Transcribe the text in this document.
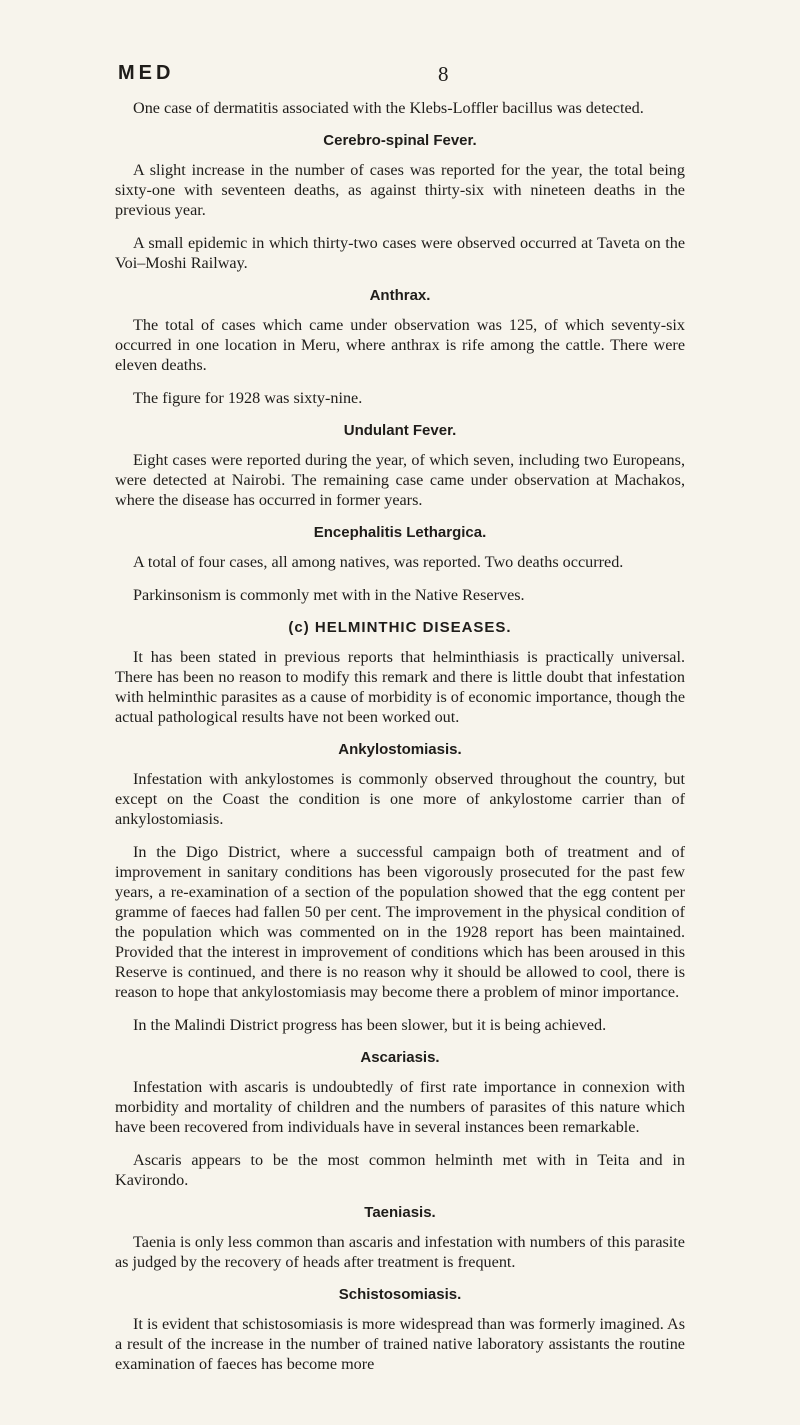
MED	8

One case of dermatitis associated with the Klebs-Loffler bacillus was detected.

Cerebro-spinal Fever.

A slight increase in the number of cases was reported for the year, the total being sixty-one with seventeen deaths, as against thirty-six with nineteen deaths in the previous year.

A small epidemic in which thirty-two cases were observed occurred at Taveta on the Voi–Moshi Railway.

Anthrax.

The total of cases which came under observation was 125, of which seventy-six occurred in one location in Meru, where anthrax is rife among the cattle. There were eleven deaths.

The figure for 1928 was sixty-nine.

Undulant Fever.

Eight cases were reported during the year, of which seven, including two Europeans, were detected at Nairobi. The remaining case came under observation at Machakos, where the disease has occurred in former years.

Encephalitis Lethargica.

A total of four cases, all among natives, was reported. Two deaths occurred.

Parkinsonism is commonly met with in the Native Reserves.

(c) HELMINTHIC DISEASES.

It has been stated in previous reports that helminthiasis is practically universal. There has been no reason to modify this remark and there is little doubt that infestation with helminthic parasites as a cause of morbidity is of economic importance, though the actual pathological results have not been worked out.

Ankylostomiasis.

Infestation with ankylostomes is commonly observed throughout the country, but except on the Coast the condition is one more of ankylostome carrier than of ankylostomiasis.

In the Digo District, where a successful campaign both of treatment and of improvement in sanitary conditions has been vigorously prosecuted for the past few years, a re-examination of a section of the population showed that the egg content per gramme of faeces had fallen 50 per cent. The improvement in the physical condition of the population which was commented on in the 1928 report has been maintained. Provided that the interest in improvement of conditions which has been aroused in this Reserve is continued, and there is no reason why it should be allowed to cool, there is reason to hope that ankylostomiasis may become there a problem of minor importance.

In the Malindi District progress has been slower, but it is being achieved.

Ascariasis.

Infestation with ascaris is undoubtedly of first rate importance in connexion with morbidity and mortality of children and the numbers of parasites of this nature which have been recovered from individuals have in several instances been remarkable.

Ascaris appears to be the most common helminth met with in Teita and in Kavirondo.

Taeniasis.

Taenia is only less common than ascaris and infestation with numbers of this parasite as judged by the recovery of heads after treatment is frequent.

Schistosomiasis.

It is evident that schistosomiasis is more widespread than was formerly imagined. As a result of the increase in the number of trained native laboratory assistants the routine examination of faeces has become more
